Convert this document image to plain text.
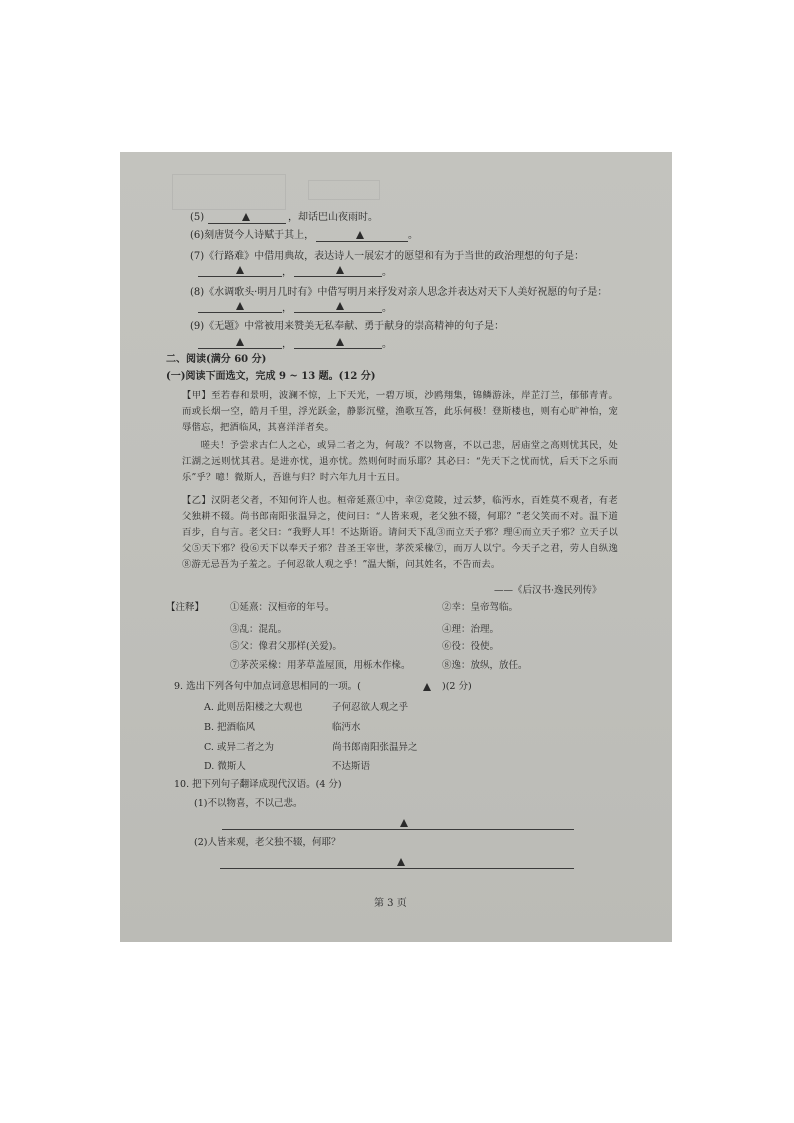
(5)	，却话巴山夜雨时。
(6)刻唐贤今人诗赋于其上，	。
(7)《行路难》中借用典故，表达诗人一展宏才的愿望和有为于当世的政治理想的句子是：
，	。
(8)《水调歌头·明月几时有》中借写明月来抒发对亲人思念并表达对天下人美好祝愿的句子是：
，	。
(9)《无题》中常被用来赞美无私奉献、勇于献身的崇高精神的句子是：
，	。
二、阅读(满分 60 分)
(一)阅读下面选文，完成 9 ~ 13 题。(12 分)
【甲】至若春和景明，波澜不惊，上下天光，一碧万顷，沙鸥翔集，锦鳞游泳，岸芷汀兰，郁郁青青。而或长烟一空，皓月千里，浮光跃金，静影沉璧，渔歌互答，此乐何极！登斯楼也，则有心旷神怡，宠辱偕忘，把酒临风，其喜洋洋者矣。
嗟夫！予尝求古仁人之心，或异二者之为，何哉？不以物喜，不以己悲，居庙堂之高则忧其民，处江湖之远则忧其君。是进亦忧，退亦忧。然则何时而乐耶？其必曰：“先天下之忧而忧，后天下之乐而乐”乎？噫！微斯人，吾谁与归？时六年九月十五日。
【乙】汉阴老父者，不知何许人也。桓帝延熹①中，幸②竟陵，过云梦，临沔水，百姓莫不观者，有老父独耕不辍。尚书郎南阳张温异之，使问曰：“人皆来观，老父独不辍，何耶？”老父笑而不对。温下道百步，自与言。老父曰：“我野人耳！不达斯语。请问天下乱③而立天子邪？理④而立天子邪？立天子以父⑤天下邪？役⑥天下以奉天子邪？昔圣王宰世，茅茨采椽⑦，而万人以宁。今天子之君，劳人自纵逸⑧游无忌吾为子羞之。子何忍欲人观之乎！”温大惭，问其姓名，不告而去。
——《后汉书·逸民列传》
【注释】	①延熹：汉桓帝的年号。	②幸：皇帝驾临。
③乱：混乱。	④理：治理。
⑤父：像君父那样(关爱)。	⑥役：役使。
⑦茅茨采椽：用茅草盖屋顶，用栎木作椽。	⑧逸：放纵，放任。
9. 选出下列各句中加点词意思相同的一项。(	)(2 分)
A. 此则岳阳楼之大观也	子何忍欲人观之乎
B. 把酒临风	临沔水
C. 或异二者之为	尚书郎南阳张温异之
D. 微斯人	不达斯语
10. 把下列句子翻译成现代汉语。(4 分)
(1)不以物喜，不以己悲。
(2)人皆来观，老父独不辍，何耶？
第 3 页
